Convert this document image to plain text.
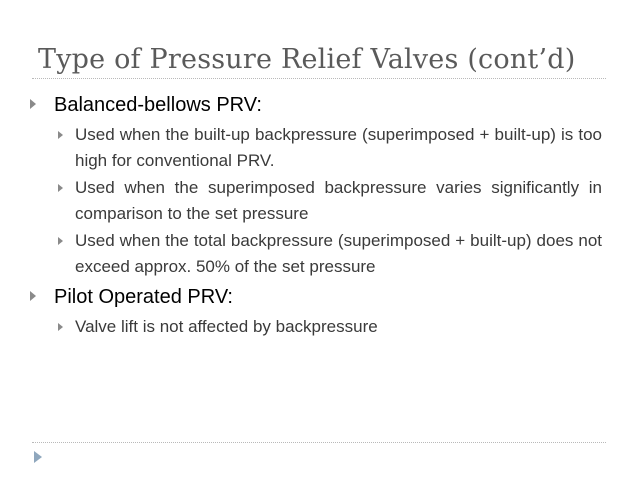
Type of Pressure Relief Valves (cont’d)
Balanced-bellows PRV:
Used when the built-up backpressure (superimposed + built-up) is too high for conventional PRV.
Used when the superimposed backpressure varies significantly in comparison to the set pressure
Used when the total backpressure (superimposed + built-up) does not exceed approx. 50% of the set pressure
Pilot Operated PRV:
Valve lift is not affected by backpressure
